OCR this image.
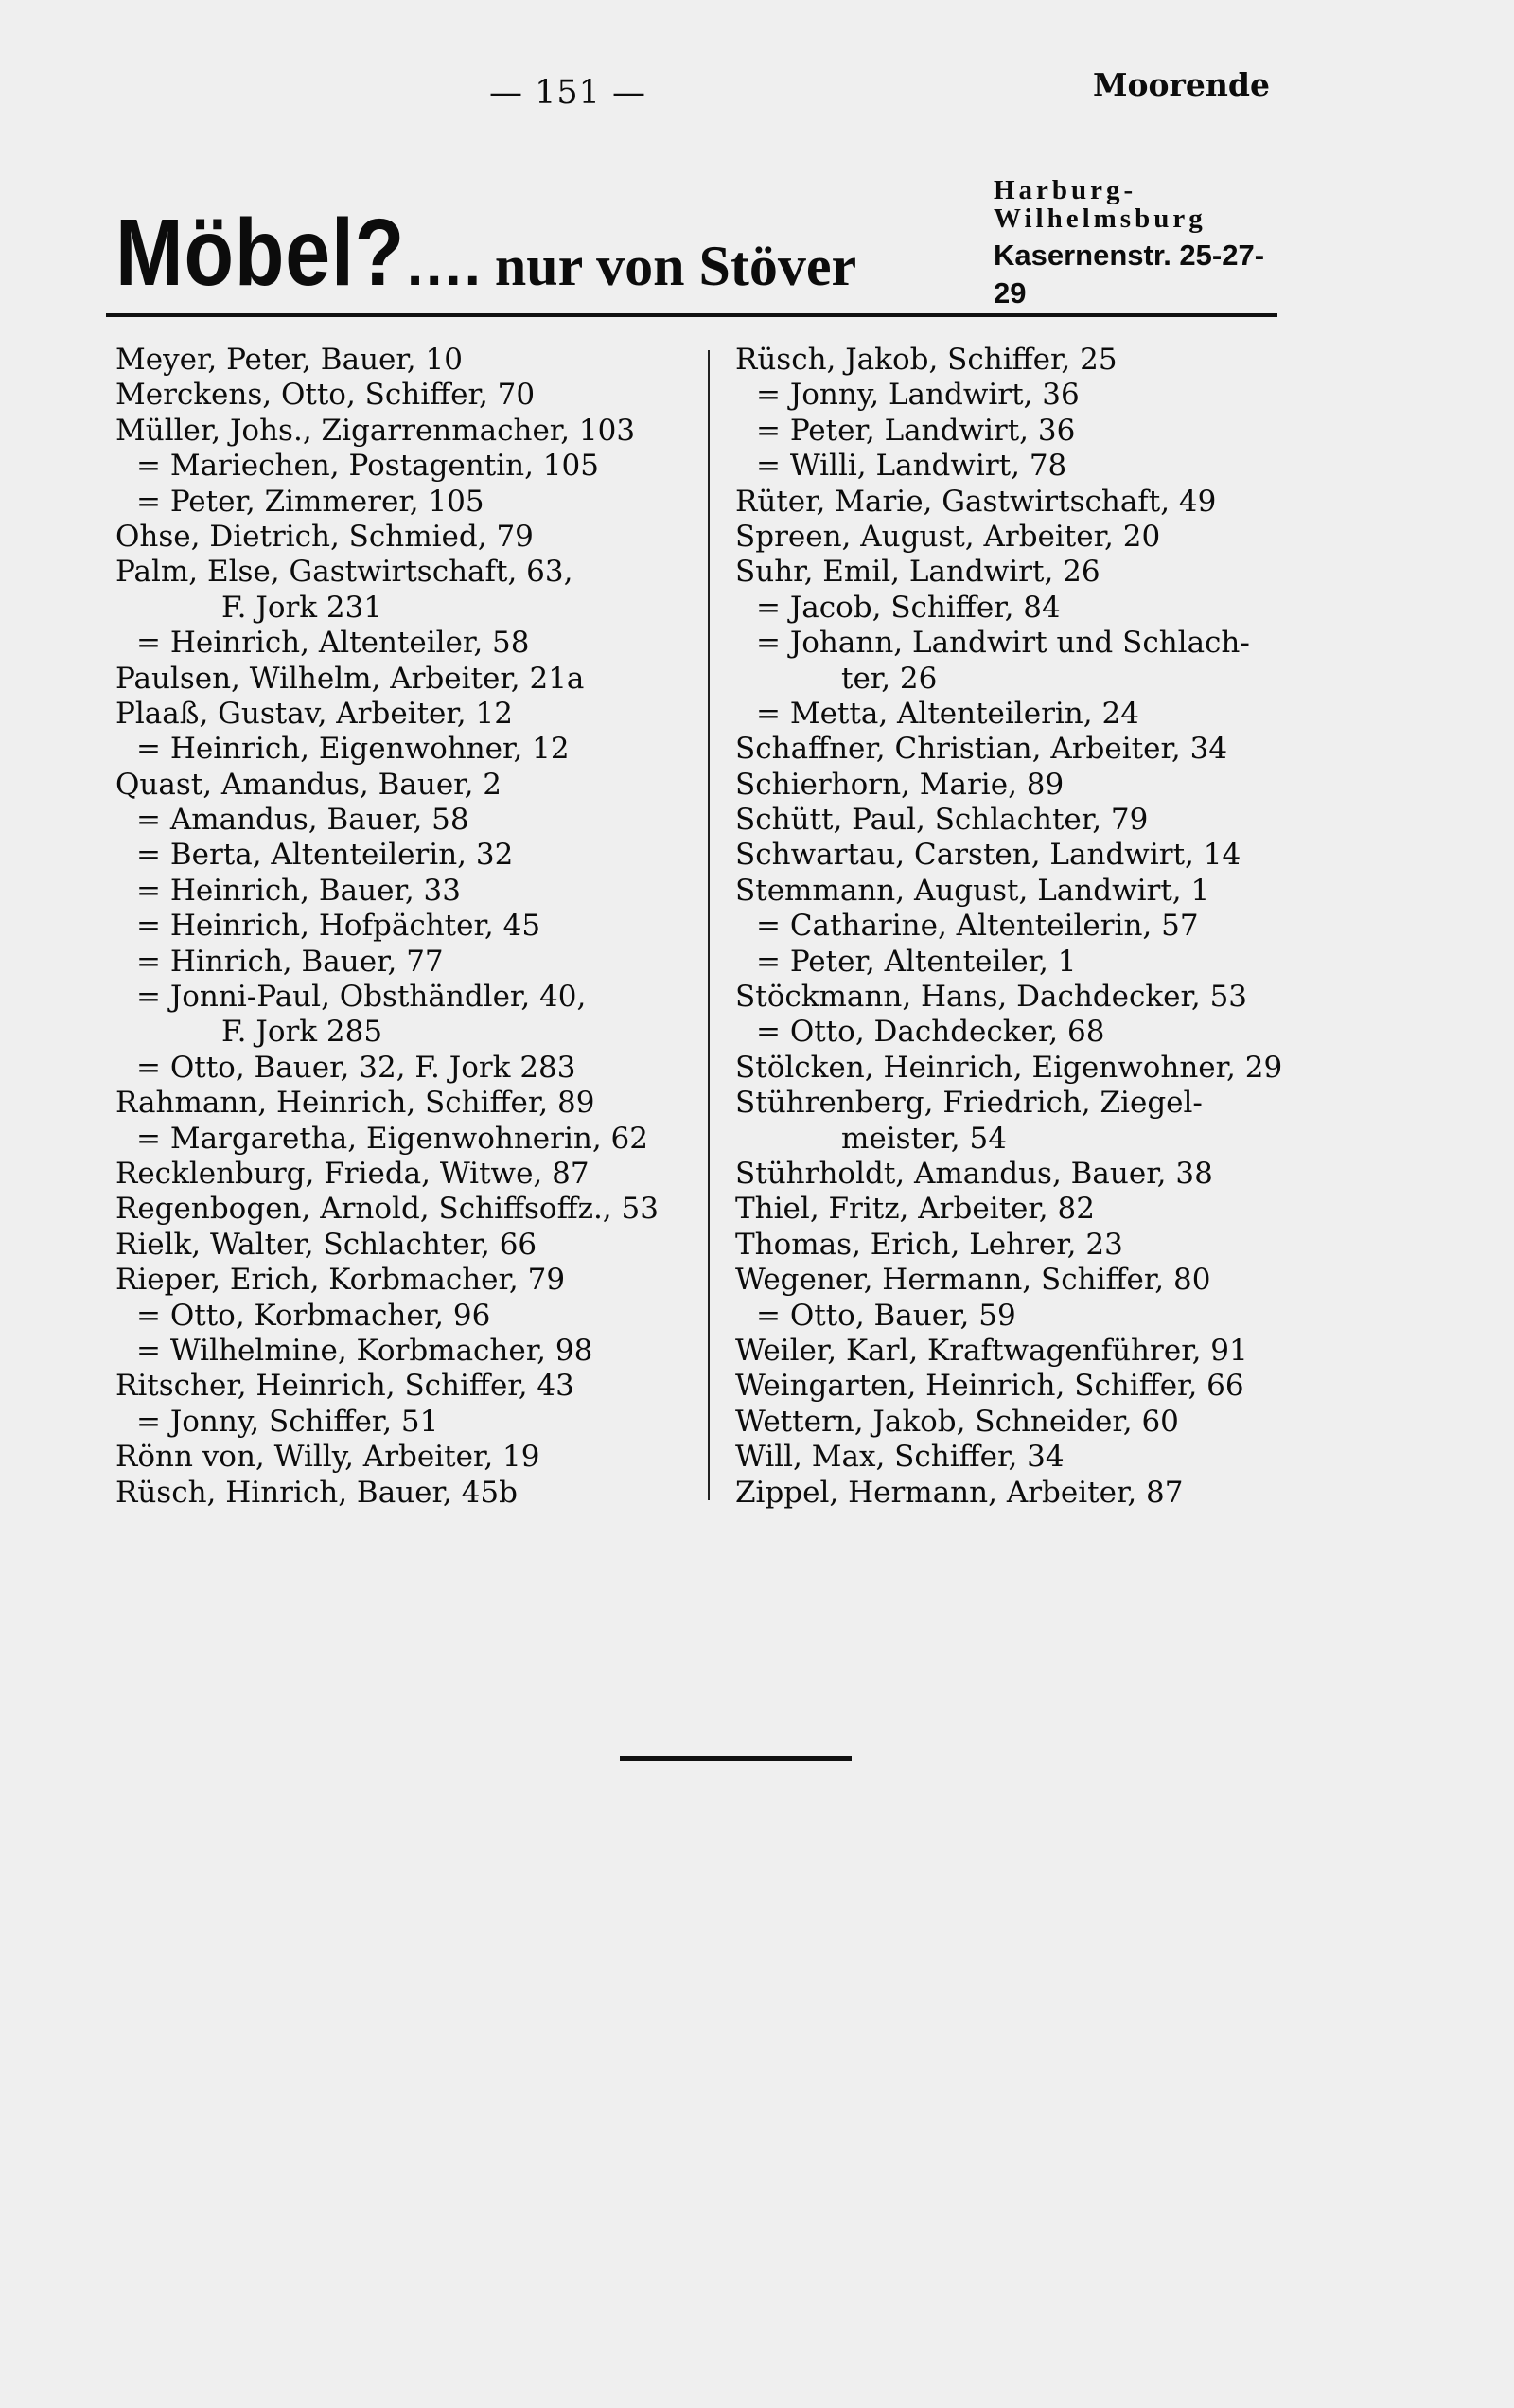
— 151 —	Moorende
Möbel?.... nur von Stöver
Harburg-
Wilhelmsburg
Kasernenstr. 25-27-29
Meyer, Peter, Bauer, 10
Merckens, Otto, Schiffer, 70
Müller, Johs., Zigarrenmacher, 103
= Mariechen, Postagentin, 105
= Peter, Zimmerer, 105
Ohse, Dietrich, Schmied, 79
Palm, Else, Gastwirtschaft, 63,
F. Jork 231
= Heinrich, Altenteiler, 58
Paulsen, Wilhelm, Arbeiter, 21a
Plaaß, Gustav, Arbeiter, 12
= Heinrich, Eigenwohner, 12
Quast, Amandus, Bauer, 2
= Amandus, Bauer, 58
= Berta, Altenteilerin, 32
= Heinrich, Bauer, 33
= Heinrich, Hofpächter, 45
= Hinrich, Bauer, 77
= Jonni-Paul, Obsthändler, 40,
F. Jork 285
= Otto, Bauer, 32, F. Jork 283
Rahmann, Heinrich, Schiffer, 89
= Margaretha, Eigenwohnerin, 62
Recklenburg, Frieda, Witwe, 87
Regenbogen, Arnold, Schiffsoffz., 53
Rielk, Walter, Schlachter, 66
Rieper, Erich, Korbmacher, 79
= Otto, Korbmacher, 96
= Wilhelmine, Korbmacher, 98
Ritscher, Heinrich, Schiffer, 43
= Jonny, Schiffer, 51
Rönn von, Willy, Arbeiter, 19
Rüsch, Hinrich, Bauer, 45b
Rüsch, Jakob, Schiffer, 25
= Jonny, Landwirt, 36
= Peter, Landwirt, 36
= Willi, Landwirt, 78
Rüter, Marie, Gastwirtschaft, 49
Spreen, August, Arbeiter, 20
Suhr, Emil, Landwirt, 26
= Jacob, Schiffer, 84
= Johann, Landwirt und Schlach-
ter, 26
= Metta, Altenteilerin, 24
Schaffner, Christian, Arbeiter, 34
Schierhorn, Marie, 89
Schütt, Paul, Schlachter, 79
Schwartau, Carsten, Landwirt, 14
Stemmann, August, Landwirt, 1
= Catharine, Altenteilerin, 57
= Peter, Altenteiler, 1
Stöckmann, Hans, Dachdecker, 53
= Otto, Dachdecker, 68
Stölcken, Heinrich, Eigenwohner, 29
Stührenberg, Friedrich, Ziegel-
meister, 54
Stührholdt, Amandus, Bauer, 38
Thiel, Fritz, Arbeiter, 82
Thomas, Erich, Lehrer, 23
Wegener, Hermann, Schiffer, 80
= Otto, Bauer, 59
Weiler, Karl, Kraftwagenführer, 91
Weingarten, Heinrich, Schiffer, 66
Wettern, Jakob, Schneider, 60
Will, Max, Schiffer, 34
Zippel, Hermann, Arbeiter, 87
